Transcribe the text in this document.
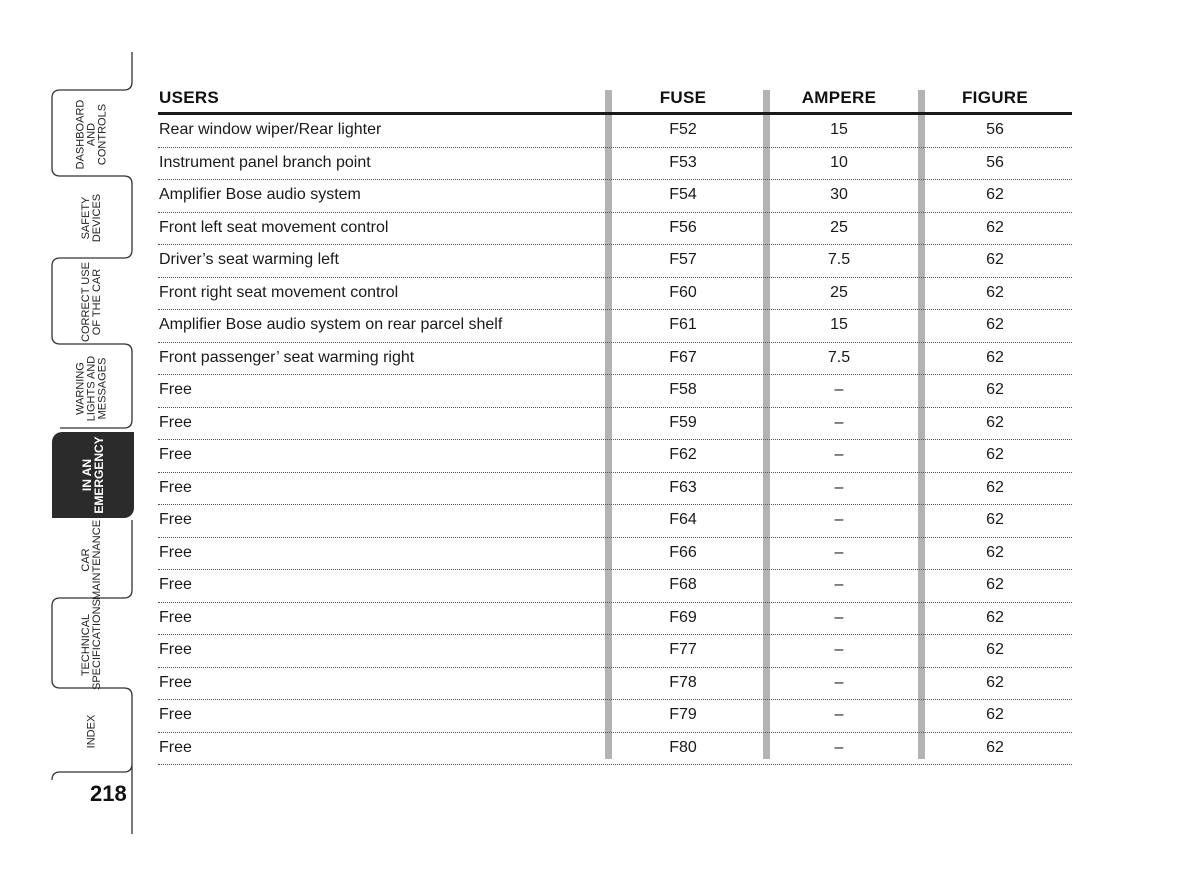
DASHBOARD
AND
CONTROLS
SAFETY
DEVICES
CORRECT USE
OF THE CAR
WARNING
LIGHTS AND
MESSAGES
IN AN
EMERGENCY
CAR
MAINTENANCE
TECHNICAL
SPECIFICATIONS
INDEX
218
USERS	FUSE	AMPERE	FIGURE
Rear window wiper/Rear lighter	F52	15	56
Instrument panel branch point	F53	10	56
Amplifier Bose audio system	F54	30	62
Front left seat movement control	F56	25	62
Driver’s seat warming left	F57	7.5	62
Front right seat movement control	F60	25	62
Amplifier Bose audio system on rear parcel shelf	F61	15	62
Front passenger’ seat warming right	F67	7.5	62
Free	F58	–	62
Free	F59	–	62
Free	F62	–	62
Free	F63	–	62
Free	F64	–	62
Free	F66	–	62
Free	F68	–	62
Free	F69	–	62
Free	F77	–	62
Free	F78	–	62
Free	F79	–	62
Free	F80	–	62
